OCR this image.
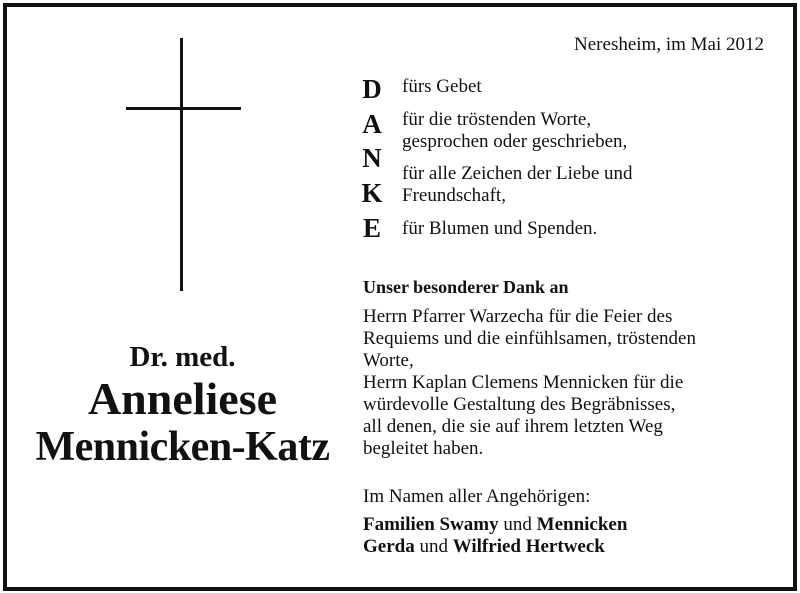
Dr. med.
Anneliese
Mennicken-Katz
Neresheim, im Mai 2012
D
A
N
K
E
fürs Gebet
für die tröstenden Worte,
gesprochen oder geschrieben,
für alle Zeichen der Liebe und
Freundschaft,
für Blumen und Spenden.
Unser besonderer Dank an
Herrn Pfarrer Warzecha für die Feier des
Requiems und die einfühlsamen, tröstenden
Worte,
Herrn Kaplan Clemens Mennicken für die
würdevolle Gestaltung des Begräbnisses,
all denen, die sie auf ihrem letzten Weg
begleitet haben.
Im Namen aller Angehörigen:
Familien Swamy und Mennicken
Gerda und Wilfried Hertweck
